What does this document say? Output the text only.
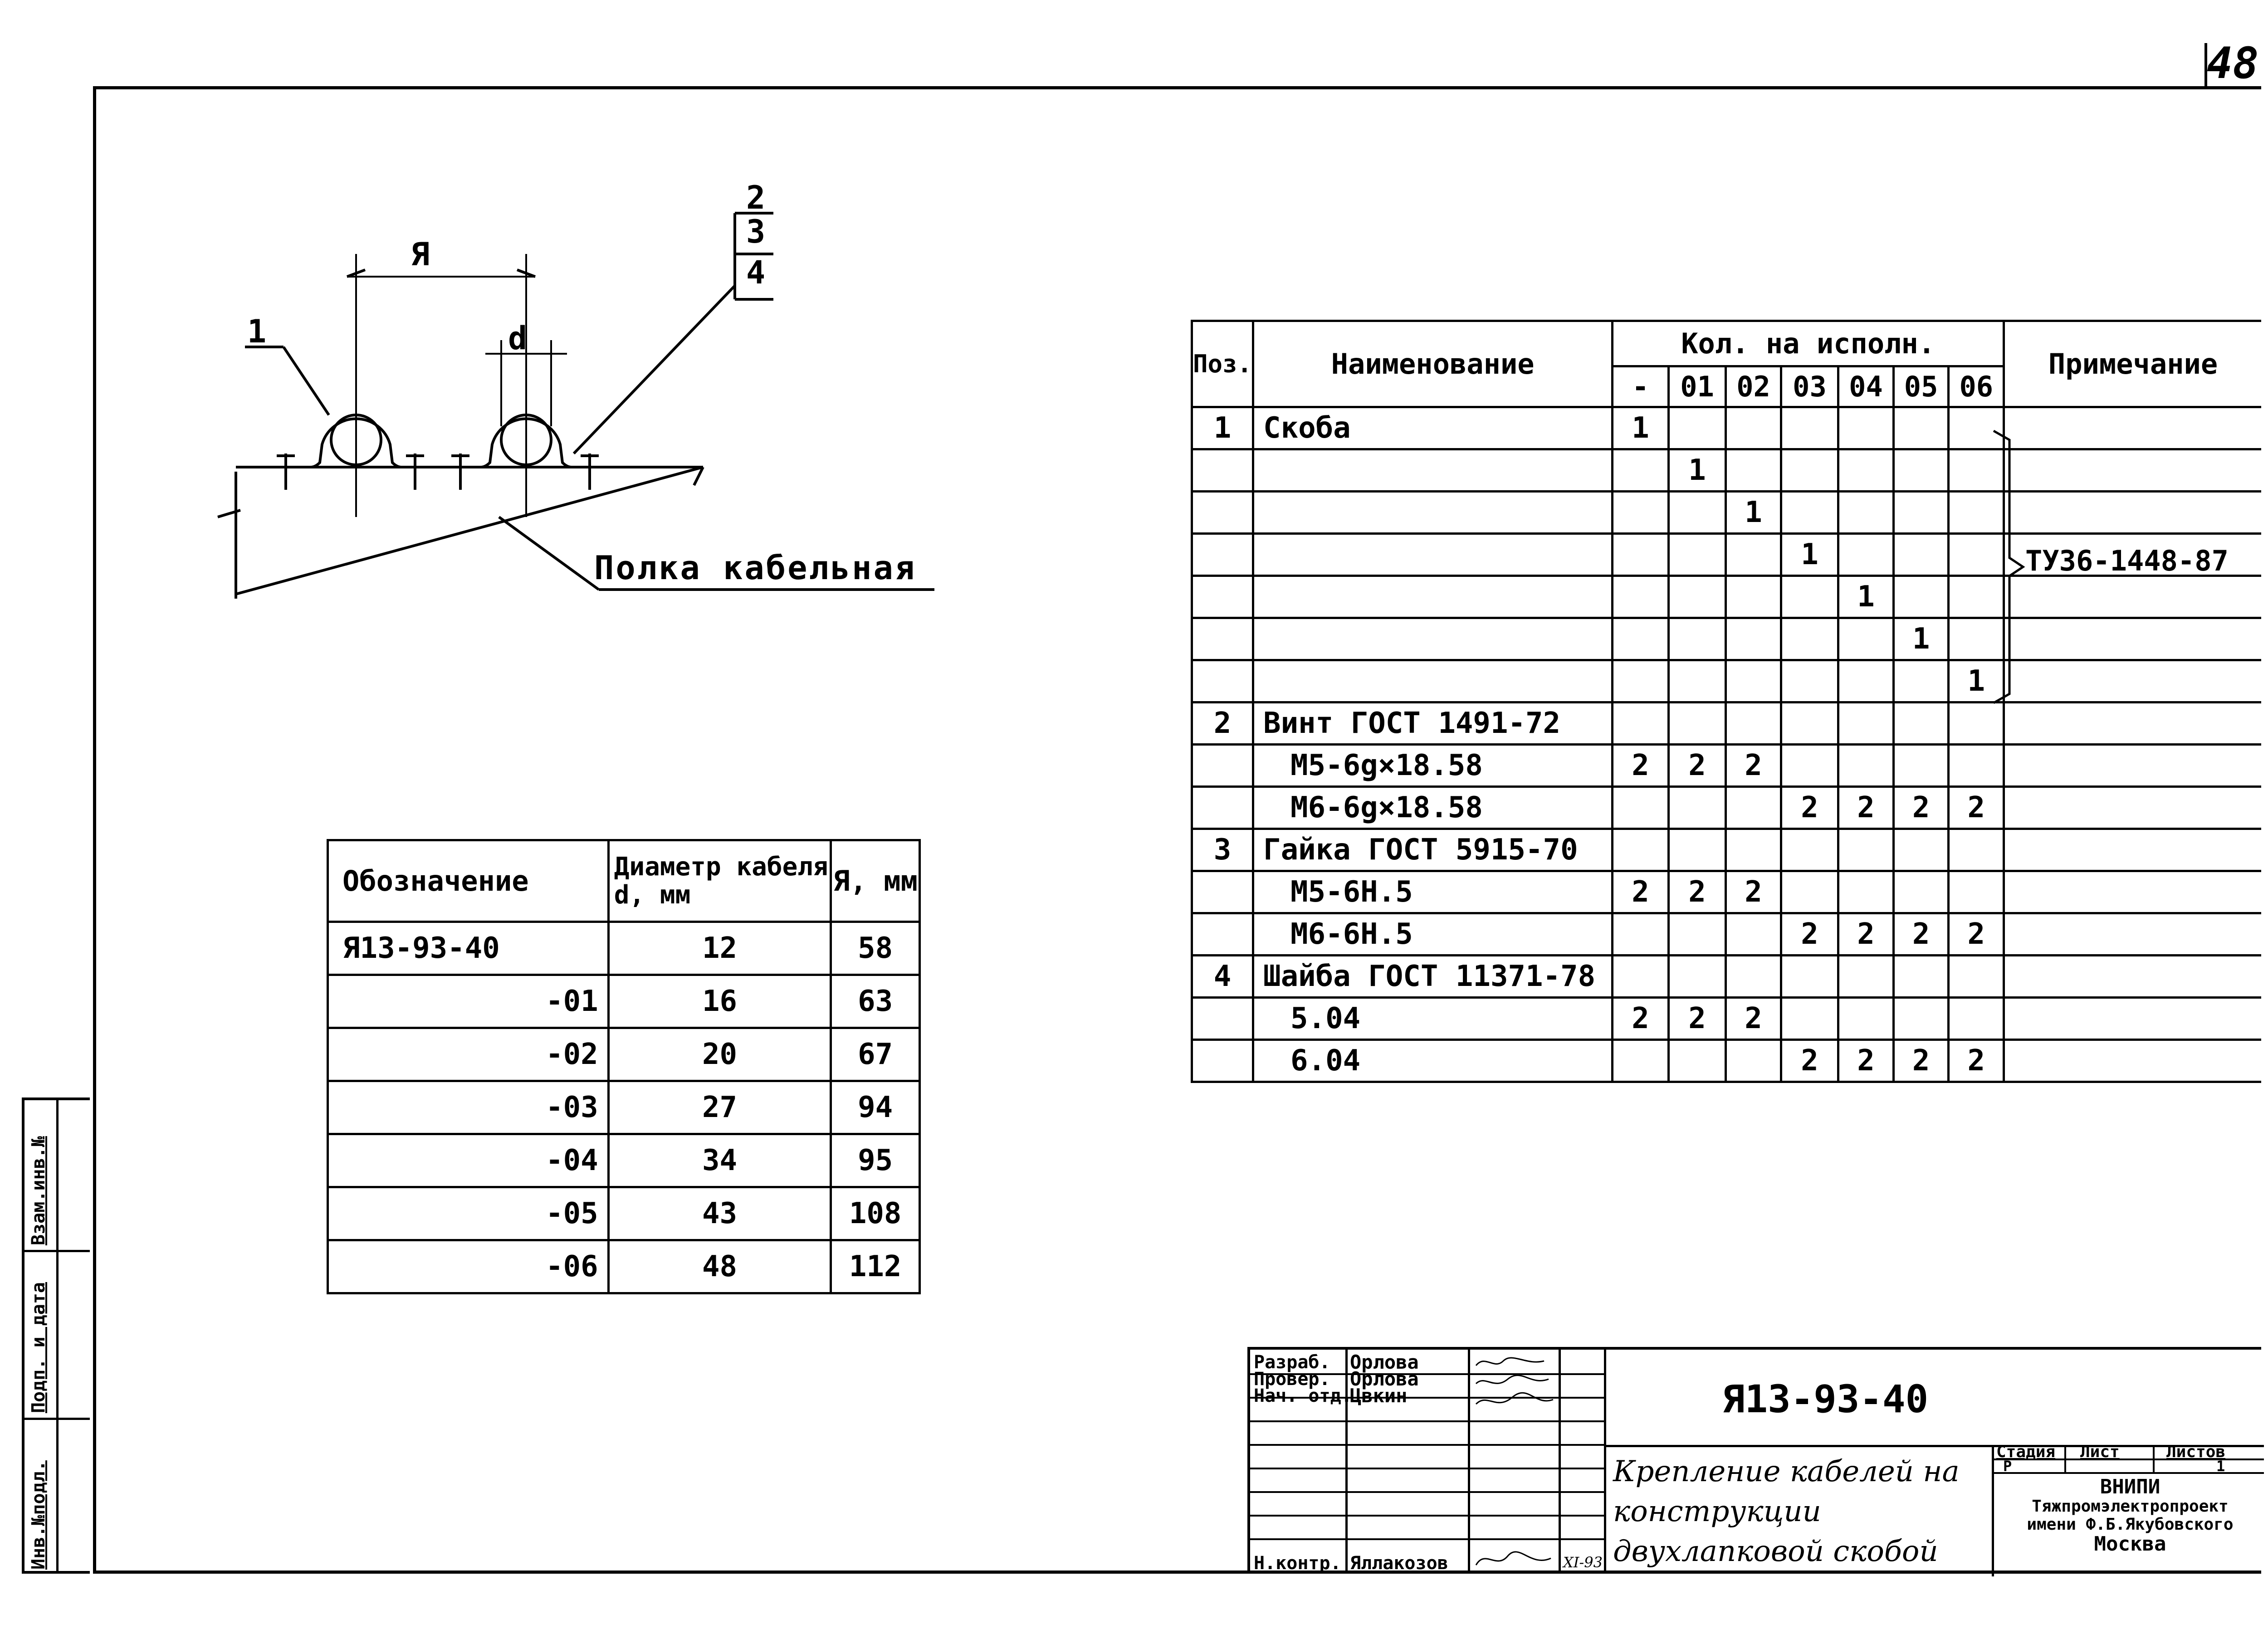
48
Инв.№подл.
Подп. и дата
Взам.инв.№
Я
d
1
2
3
4
Полка кабельная
Обозначение	Диаметр кабеля d, мм	Я, мм
Я13-93-40	12	58
-01	16	63
-02	20	67
-03	27	94
-04	34	95
-05	43	108
-06	48	112
Поз.	Наименование	Кол. на исполн.							Примечание
		-	01	02	03	04	05	06	
1	Скоба	1							

		1						

			1					

				1				

					1			

						1		

							1	
2	Винт ГОСТ 1491-72								
	М5-6g×18.58	2	2	2					
	М6-6g×18.58				2	2	2	2	
3	Гайка ГОСТ 5915-70								
	М5-6Н.5	2	2	2					
	М6-6Н.5				2	2	2	2	
4	Шайба ГОСТ 11371-78								
	5.04	2	2	2					
	6.04				2	2	2	2	
ТУ36-1448-87
Разраб.
Провер.
Нач. отд.
Орлова
Орлова
Цвкин
Н.контр. Яллакозов	XI-93
Я13-93-40
Крепление кабелей на конструкции двухлапковой скобой
Стадия Лист	Листов
Р	1
ВНИПИ
Тяжпромэлектропроект
имени Ф.Б.Якубовского
Москва
